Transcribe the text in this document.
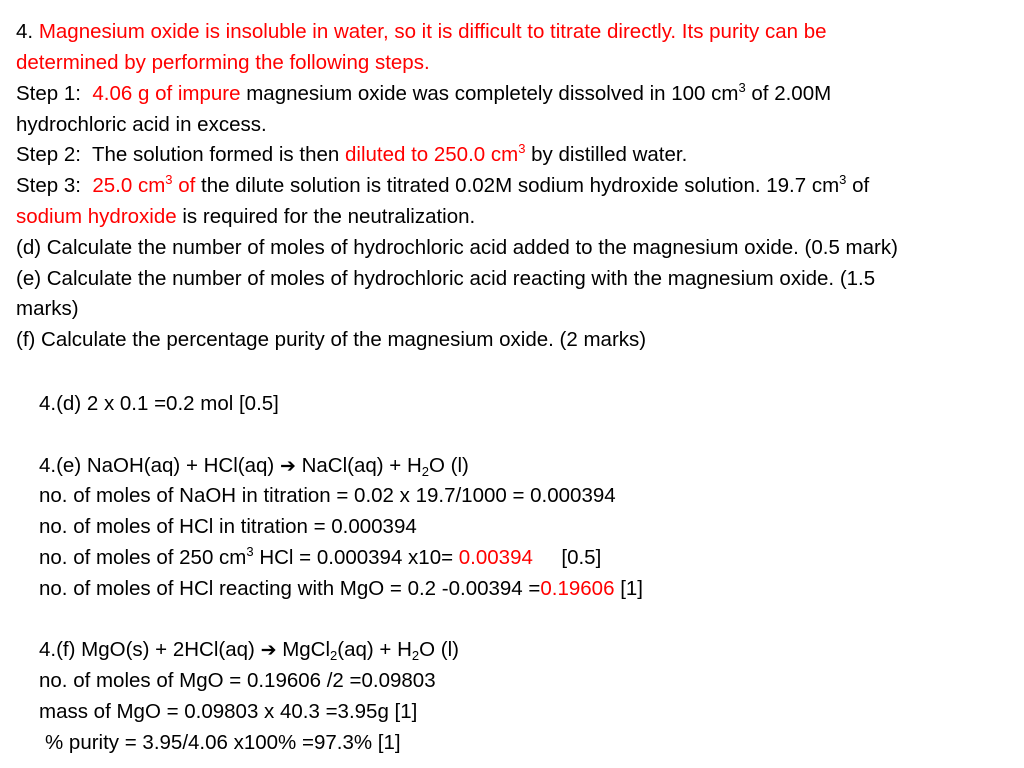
4. Magnesium oxide is insoluble in water, so it is difficult to titrate directly. Its purity can be
determined by performing the following steps.
Step 1: 4.06 g of impure magnesium oxide was completely dissolved in 100 $cm^3$ of 2.00M
hydrochloric acid in excess.
Step 2: The solution formed is then diluted to 250.0 $cm^3$ by distilled water.
Step 3: 25.0 $cm^3$ of the dilute solution is titrated 0.02M sodium hydroxide solution. 19.7 $cm^3$ of
sodium hydroxide is required for the neutralization.
(d) Calculate the number of moles of hydrochloric acid added to the magnesium oxide. (0.5 mark)
(e) Calculate the number of moles of hydrochloric acid reacting with the magnesium oxide. (1.5
marks)
(f) Calculate the percentage purity of the magnesium oxide. (2 marks)
4.(d) 2 x 0.1 =0.2 mol [0.5]
4.(e) NaOH(aq) + HCl(aq) ➔ NaCl(aq) + $H_2O$ (l)
no. of moles of NaOH in titration = 0.02 x 19.7/1000 = 0.000394
no. of moles of HCl in titration = 0.000394
no. of moles of 250 $cm^3$ HCl = 0.000394 x10= 0.00394 [0.5]
no. of moles of HCl reacting with MgO = 0.2 -0.00394 =0.19606 [1]
4.(f) MgO(s) + 2HCl(aq) ➔ MgCl$_2$(aq) + $H_2O$ (l)
no. of moles of MgO = 0.19606 /2 =0.09803
mass of MgO = 0.09803 x 40.3 =3.95g [1]
% purity = 3.95/4.06 x100% =97.3% [1]
